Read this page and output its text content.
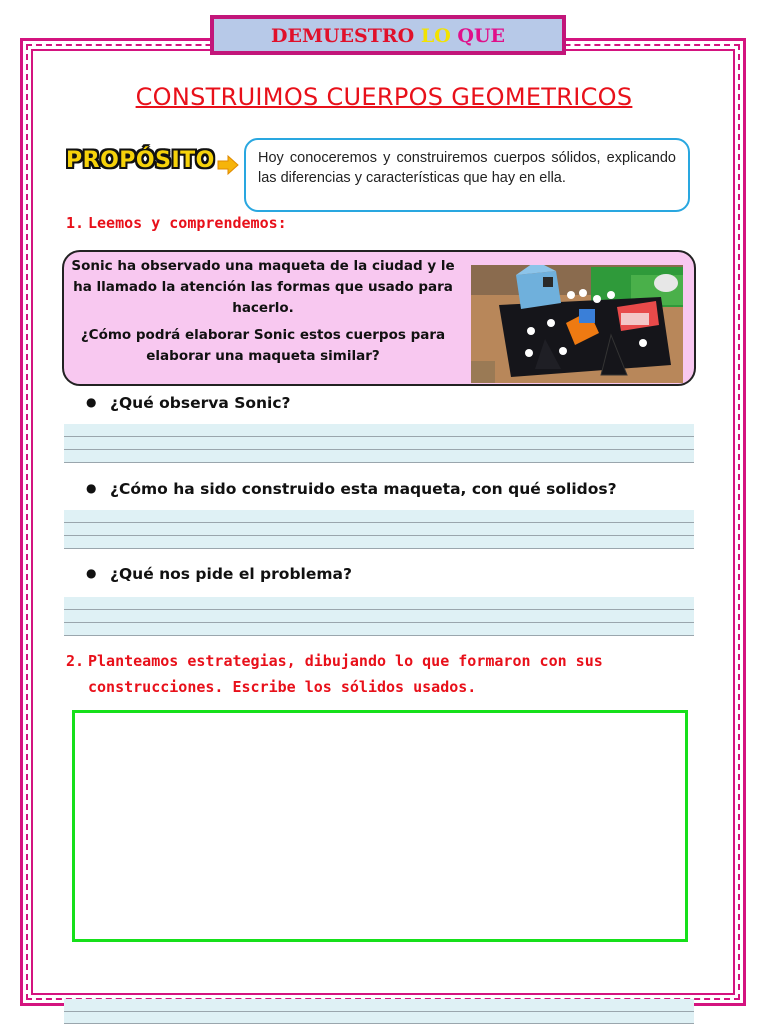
DEMUESTRO LO QUE
CONSTRUIMOS CUERPOS GEOMETRICOS
PROPÓSITO	Hoy conoceremos y construiremos cuerpos sólidos, explicando las diferencias y características que hay en ella.
1. Leemos y comprendemos:

Sonic ha observado una maqueta de la ciudad y le ha llamado la atención las formas que usado para hacerlo.

¿Cómo podrá elaborar Sonic estos cuerpos para elaborar una maqueta similar?

● ¿Qué observa Sonic?
● ¿Cómo ha sido construido esta maqueta, con qué solidos?
● ¿Qué nos pide el problema?
2. Planteamos estrategias, dibujando lo que formaron con sus
construcciones. Escribe los sólidos usados.
